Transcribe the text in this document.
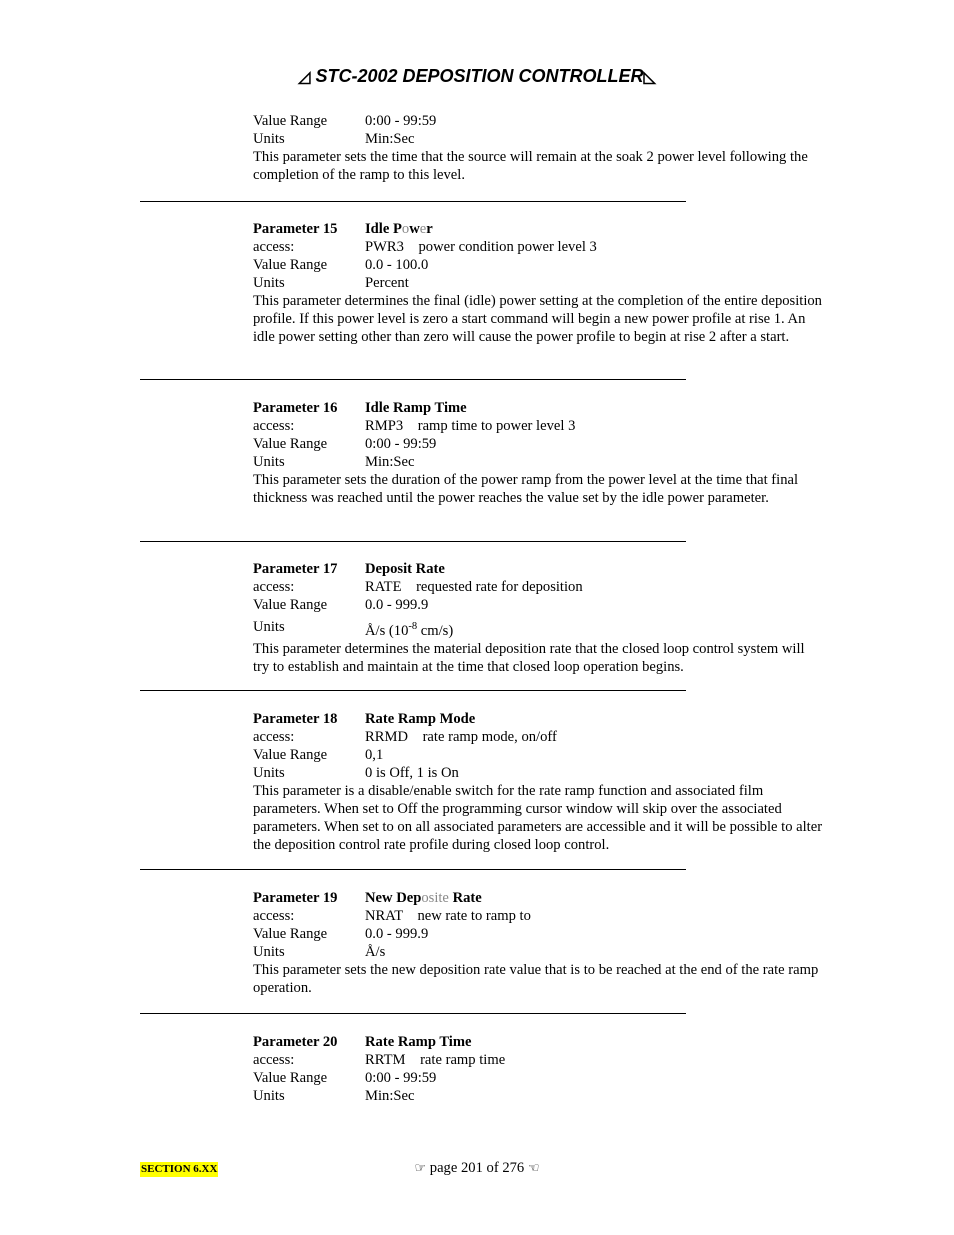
◿ STC-2002 DEPOSITION CONTROLLER◺
Value Range	0:00 - 99:59
Units	Min:Sec

This parameter sets the time that the source will remain at the soak 2 power level following the completion of the ramp to this level.

Parameter 15	Idle Power
access:	PWR3    power condition power level 3
Value Range	0.0 - 100.0
Units	Percent

This parameter determines the final (idle) power setting at the completion of the entire deposition profile. If this power level is zero a start command will begin a new power profile at rise 1. An idle power setting other than zero will cause the power profile to begin at rise 2 after a start.

Parameter 16	Idle Ramp Time
access:	RMP3    ramp time to power level 3
Value Range	0:00 - 99:59
Units	Min:Sec

This parameter sets the duration of the power ramp from the power level at the time that final thickness was reached until the power reaches the value set by the idle power parameter.

Parameter 17	Deposit Rate
access:	RATE    requested rate for deposition
Value Range	0.0 - 999.9
Units	Å/s ($10^{-8}$ cm/s)

This parameter determines the material deposition rate that the closed loop control system will try to establish and maintain at the time that closed loop operation begins.

Parameter 18	Rate Ramp Mode
access:	RRMD    rate ramp mode, on/off
Value Range	0,1
Units	0 is Off, 1 is On

This parameter is a disable/enable switch for the rate ramp function and associated film parameters. When set to Off the programming cursor window will skip over the associated parameters. When set to on all associated parameters are accessible and it will be possible to alter the deposition control rate profile during closed loop control.

Parameter 19	New Deposite Rate
access:	NRAT    new rate to ramp to
Value Range	0.0 - 999.9
Units	Å/s

This parameter sets the new deposition rate value that is to be reached at the end of the rate ramp operation.

Parameter 20	Rate Ramp Time
access:	RRTM    rate ramp time
Value Range	0:00 - 99:59
Units	Min:Sec
SECTION 6.XX	☞ page 201 of 276 ☜
